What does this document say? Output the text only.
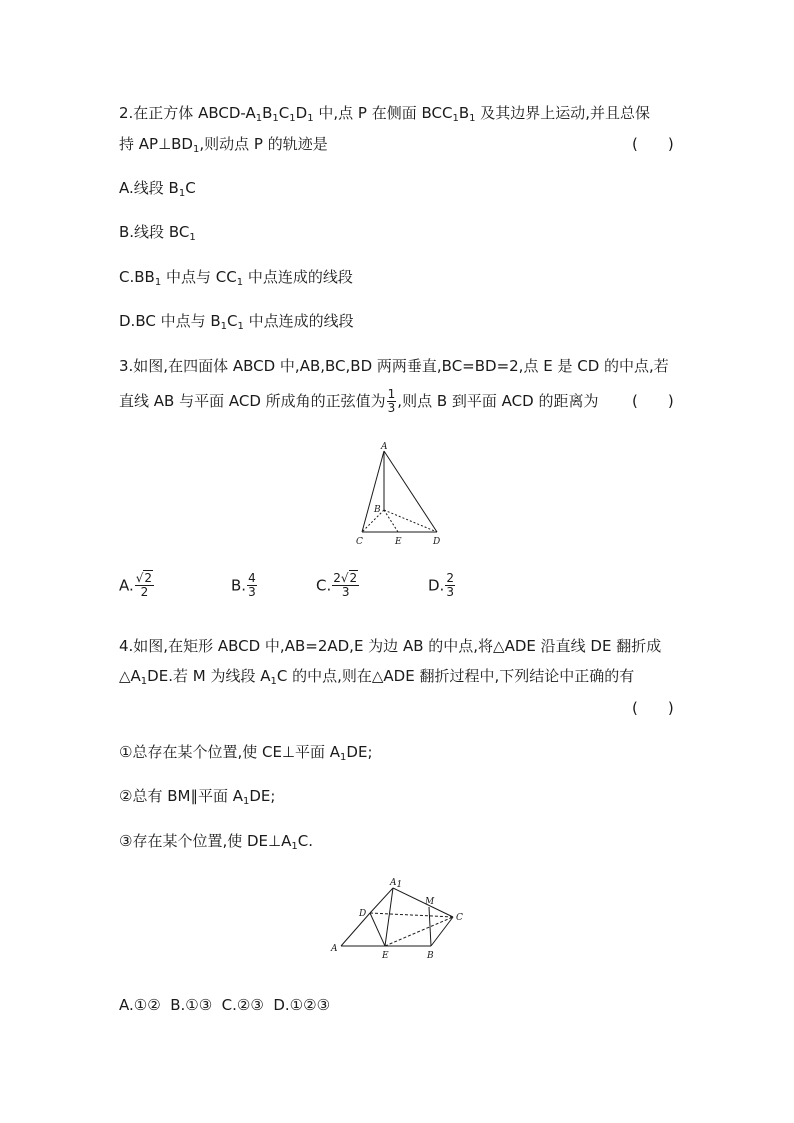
2.在正方体 ABCD-$A_1B_1C_1D_1$ 中,点 P 在侧面 $BCC_1B_1$ 及其边界上运动,并且总保
持 $AP\perp BD_1$,则动点 P 的轨迹是	(　　)
A.线段 $B_1C$
B.线段 $BC_1$
$C.BB_1$ 中点与 $CC_1$ 中点连成的线段
D.BC 中点与 $B_1C_1$ 中点连成的线段
3.如图,在四面体 ABCD 中,AB,BC,BD 两两垂直,BC=BD=2,点 E 是 CD 的中点,若
直线 AB 与平面 ACD 所成角的正弦值为 $\frac{1}{3}$ ,则点 B 到平面 ACD 的距离为 (　　)
A
B
C	E	D
A. $\frac{√2}{2}$	B. $\frac{4}{3}$	C. $\frac{2√2}{3}$	D. $\frac{2}{3}$
4.如图,在矩形 ABCD 中,AB=2AD,E 为边 AB 的中点,将△ADE 沿直线 DE 翻折成
$\triangle A_1DE$.若 M 为线段 $A_1C$ 的中点,则在△ADE 翻折过程中,下列结论中正确的有
(　　)
①总存在某个位置,使 CE⊥平面 $A_1DE$;
②总有 BM∥平面 $A_1DE$;
③存在某个位置,使 $DE\perp A_1C$.
A1
M
D	C
A
E	B
A.①②  B.①③  C.②③  D.①②③
